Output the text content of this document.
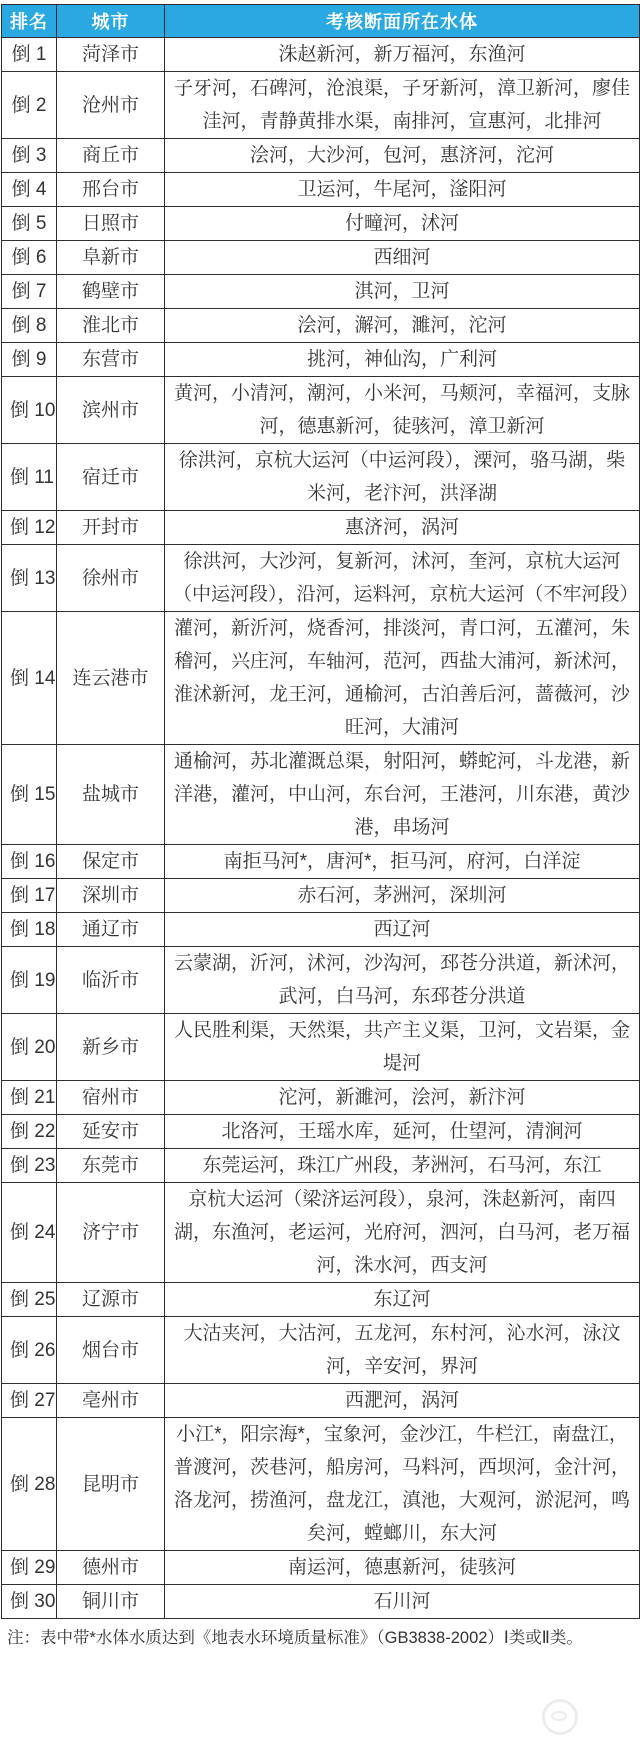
排名	城市	考核断面所在水体
倒 1	菏泽市	洙赵新河，新万福河，东渔河
倒 2	沧州市	子牙河，石碑河，沧浪渠，子牙新河，漳卫新河，廖佳洼河，青静黄排水渠，南排河，宣惠河，北排河
倒 3	商丘市	浍河，大沙河，包河，惠济河，沱河
倒 4	邢台市	卫运河，牛尾河，滏阳河
倒 5	日照市	付疃河，沭河
倒 6	阜新市	西细河
倒 7	鹤壁市	淇河，卫河
倒 8	淮北市	浍河，澥河，濉河，沱河
倒 9	东营市	挑河，神仙沟，广利河
倒 10	滨州市	黄河，小清河，潮河，小米河，马颊河，幸福河，支脉河，德惠新河，徒骇河，漳卫新河
倒 11	宿迁市	徐洪河，京杭大运河（中运河段），溧河，骆马湖，柴米河，老汴河，洪泽湖
倒 12	开封市	惠济河，涡河
倒 13	徐州市	徐洪河，大沙河，复新河，沭河，奎河，京杭大运河（中运河段），沿河，运料河，京杭大运河（不牢河段）
倒 14	连云港市	灌河，新沂河，烧香河，排淡河，青口河，五灌河，朱稽河，兴庄河，车轴河，范河，西盐大浦河，新沭河，淮沭新河，龙王河，通榆河，古泊善后河，蔷薇河，沙旺河，大浦河
倒 15	盐城市	通榆河，苏北灌溉总渠，射阳河，蟒蛇河，斗龙港，新洋港，灌河，中山河，东台河，王港河，川东港，黄沙港，串场河
倒 16	保定市	南拒马河*，唐河*，拒马河，府河，白洋淀
倒 17	深圳市	赤石河，茅洲河，深圳河
倒 18	通辽市	西辽河
倒 19	临沂市	云蒙湖，沂河，沭河，沙沟河，邳苍分洪道，新沭河，武河，白马河，东邳苍分洪道
倒 20	新乡市	人民胜利渠，天然渠，共产主义渠，卫河，文岩渠，金堤河
倒 21	宿州市	沱河，新濉河，浍河，新汴河
倒 22	延安市	北洛河，王瑶水库，延河，仕望河，清涧河
倒 23	东莞市	东莞运河，珠江广州段，茅洲河，石马河，东江
倒 24	济宁市	京杭大运河（梁济运河段），泉河，洙赵新河，南四湖，东渔河，老运河，光府河，泗河，白马河，老万福河，洙水河，西支河
倒 25	辽源市	东辽河
倒 26	烟台市	大沽夹河，大沽河，五龙河，东村河，沁水河，泳汶河，辛安河，界河
倒 27	亳州市	西淝河，涡河
倒 28	昆明市	小江*，阳宗海*，宝象河，金沙江，牛栏江，南盘江，普渡河，茨巷河，船房河，马料河，西坝河，金汁河，洛龙河，捞渔河，盘龙江，滇池，大观河，淤泥河，鸣矣河，螳螂川，东大河
倒 29	德州市	南运河，德惠新河，徒骇河
倒 30	铜川市	石川河
注：表中带*水体水质达到《地表水环境质量标准》（GB3838-2002）Ⅰ类或Ⅱ类。
